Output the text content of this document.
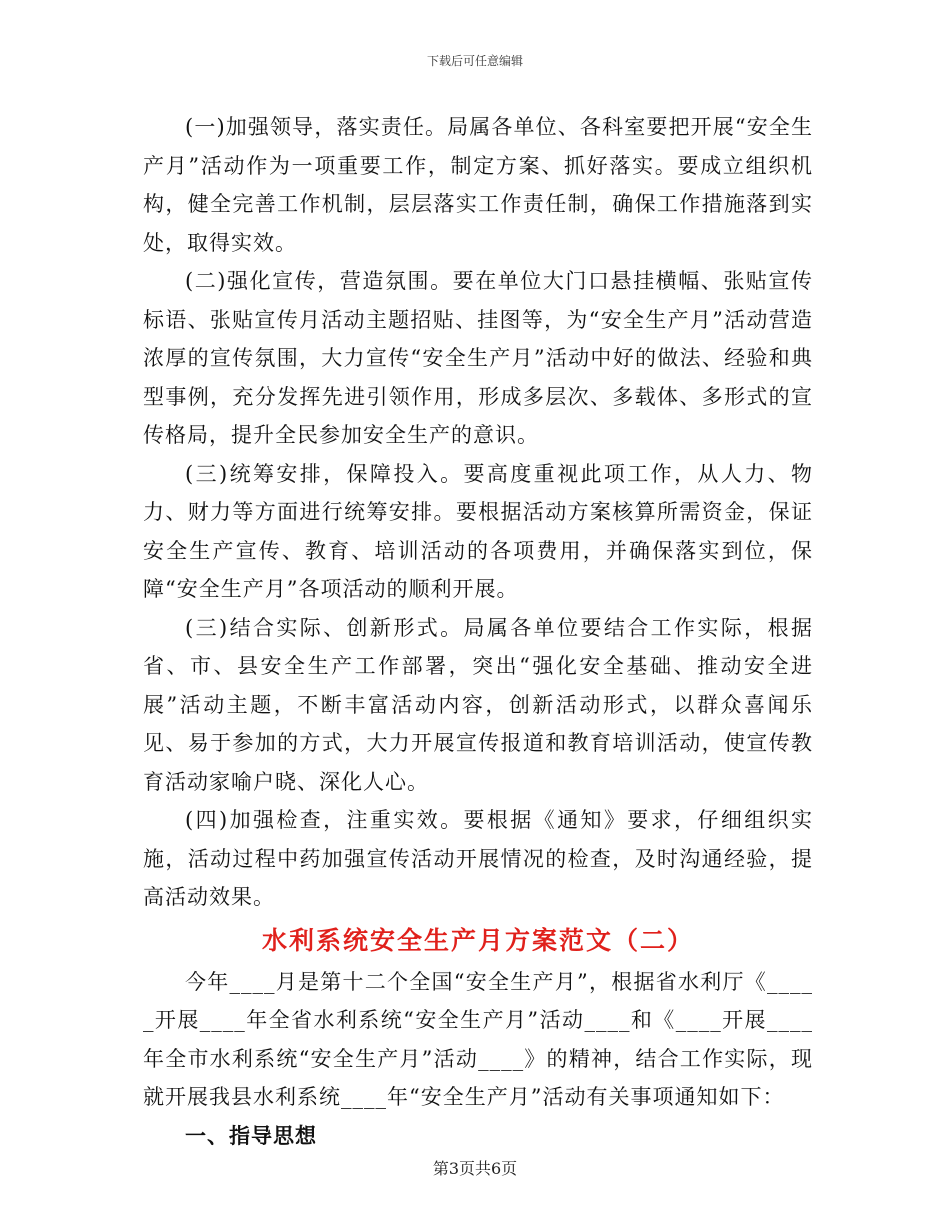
下载后可任意编辑

(一)加强领导，落实责任。局属各单位、各科室要把开展“安全生产月”活动作为一项重要工作，制定方案、抓好落实。要成立组织机构，健全完善工作机制，层层落实工作责任制，确保工作措施落到实处，取得实效。

(二)强化宣传，营造氛围。要在单位大门口悬挂横幅、张贴宣传标语、张贴宣传月活动主题招贴、挂图等，为“安全生产月”活动营造浓厚的宣传氛围，大力宣传“安全生产月”活动中好的做法、经验和典型事例，充分发挥先进引领作用，形成多层次、多载体、多形式的宣传格局，提升全民参加安全生产的意识。

(三)统筹安排，保障投入。要高度重视此项工作，从人力、物力、财力等方面进行统筹安排。要根据活动方案核算所需资金，保证安全生产宣传、教育、培训活动的各项费用，并确保落实到位，保障“安全生产月”各项活动的顺利开展。

(三)结合实际、创新形式。局属各单位要结合工作实际，根据省、市、县安全生产工作部署，突出“强化安全基础、推动安全进展”活动主题，不断丰富活动内容，创新活动形式，以群众喜闻乐见、易于参加的方式，大力开展宣传报道和教育培训活动，使宣传教育活动家喻户晓、深化人心。

(四)加强检查，注重实效。要根据《通知》要求，仔细组织实施，活动过程中药加强宣传活动开展情况的检查，及时沟通经验，提高活动效果。

水利系统安全生产月方案范文（二）

今年____月是第十二个全国“安全生产月”，根据省水利厅《_____开展____年全省水利系统“安全生产月”活动____和《____开展____年全市水利系统“安全生产月”活动____》的精神，结合工作实际，现就开展我县水利系统____年“安全生产月”活动有关事项通知如下：

一、指导思想
第3页共6页
